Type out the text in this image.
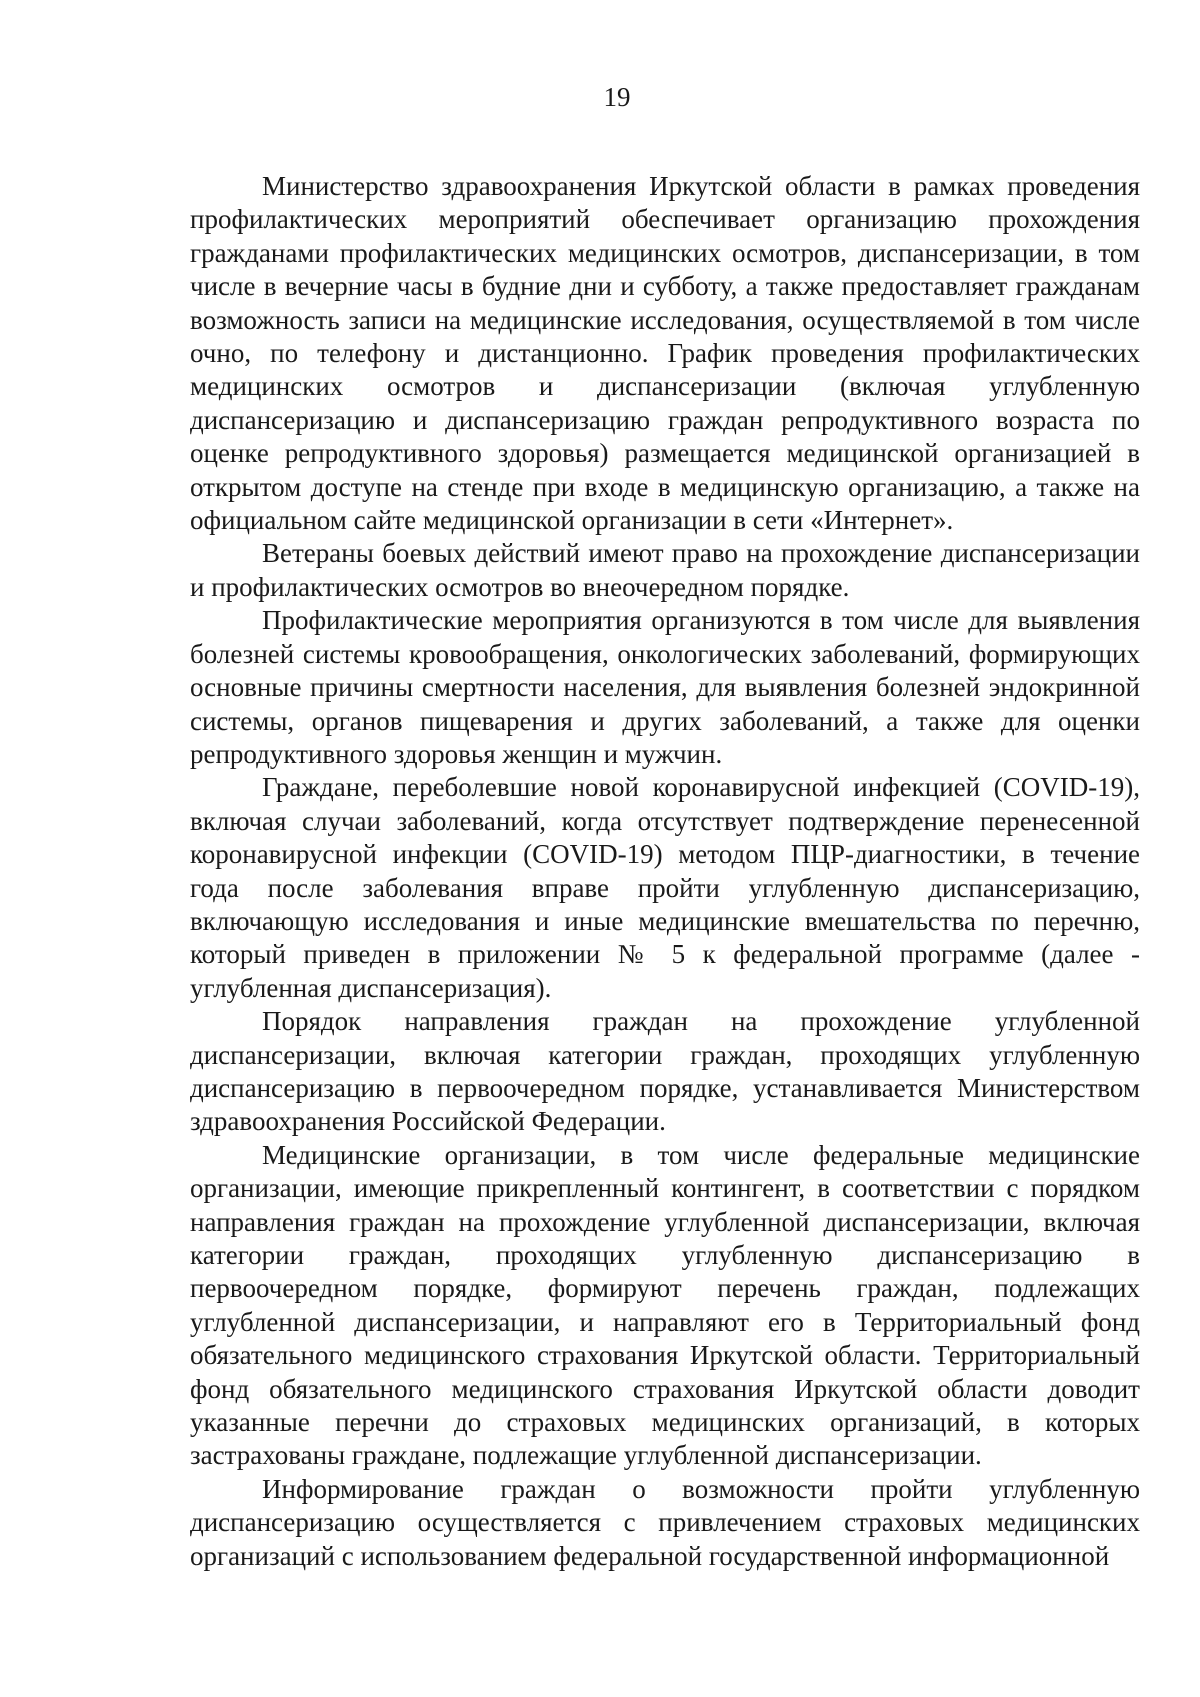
19

Министерство здравоохранения Иркутской области в рамках проведения профилактических мероприятий обеспечивает организацию прохождения гражданами профилактических медицинских осмотров, диспансеризации, в том числе в вечерние часы в будние дни и субботу, а также предоставляет гражданам возможность записи на медицинские исследования, осуществляемой в том числе очно, по телефону и дистанционно. График проведения профилактических медицинских осмотров и диспансеризации (включая углубленную диспансеризацию и диспансеризацию граждан репродуктивного возраста по оценке репродуктивного здоровья) размещается медицинской организацией в открытом доступе на стенде при входе в медицинскую организацию, а также на официальном сайте медицинской организации в сети «Интернет».

Ветераны боевых действий имеют право на прохождение диспансеризации и профилактических осмотров во внеочередном порядке.

Профилактические мероприятия организуются в том числе для выявления болезней системы кровообращения, онкологических заболеваний, формирующих основные причины смертности населения, для выявления болезней эндокринной системы, органов пищеварения и других заболеваний, а также для оценки репродуктивного здоровья женщин и мужчин.

Граждане, переболевшие новой коронавирусной инфекцией (COVID-19), включая случаи заболеваний, когда отсутствует подтверждение перенесенной коронавирусной инфекции (COVID-19) методом ПЦР-диагностики, в течение года после заболевания вправе пройти углубленную диспансеризацию, включающую исследования и иные медицинские вмешательства по перечню, который приведен в приложении № 5 к федеральной программе (далее - углубленная диспансеризация).

Порядок направления граждан на прохождение углубленной диспансеризации, включая категории граждан, проходящих углубленную диспансеризацию в первоочередном порядке, устанавливается Министерством здравоохранения Российской Федерации.

Медицинские организации, в том числе федеральные медицинские организации, имеющие прикрепленный контингент, в соответствии с порядком направления граждан на прохождение углубленной диспансеризации, включая категории граждан, проходящих углубленную диспансеризацию в первоочередном порядке, формируют перечень граждан, подлежащих углубленной диспансеризации, и направляют его в Территориальный фонд обязательного медицинского страхования Иркутской области. Территориальный фонд обязательного медицинского страхования Иркутской области доводит указанные перечни до страховых медицинских организаций, в которых застрахованы граждане, подлежащие углубленной диспансеризации.

Информирование граждан о возможности пройти углубленную диспансеризацию осуществляется с привлечением страховых медицинских организаций с использованием федеральной государственной информационной
